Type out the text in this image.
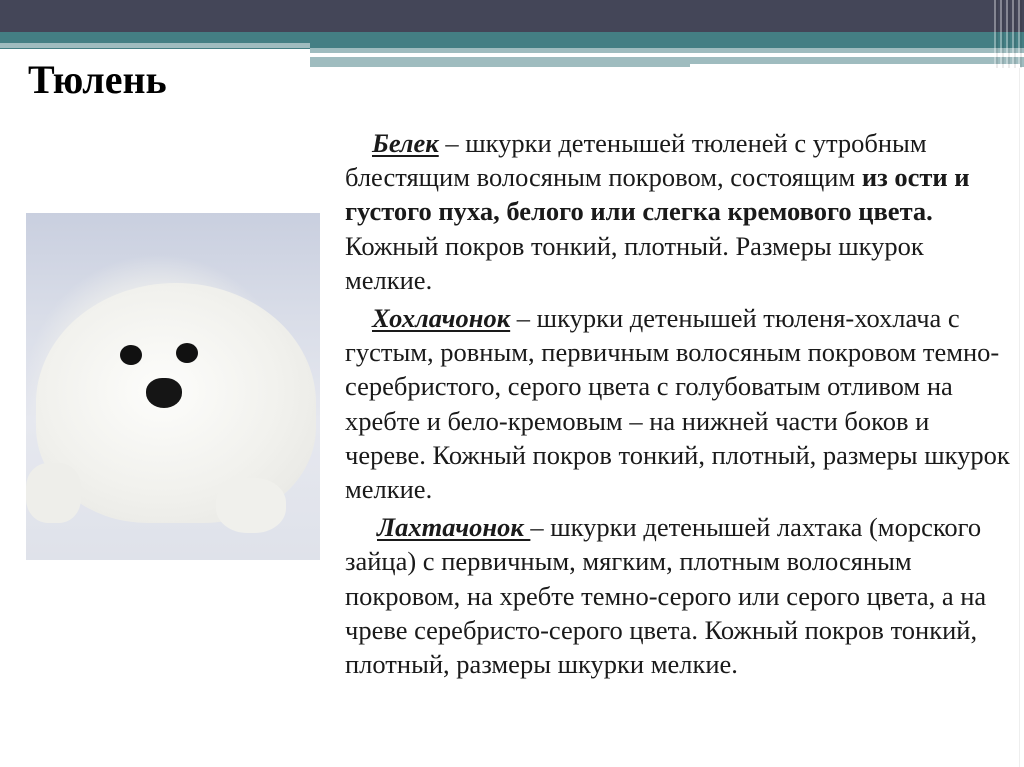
Тюлень

Белек – шкурки детенышей тюленей с утробным блестящим волосяным покровом, состоящим из ости и густого пуха, белого или слегка кремового цвета. Кожный покров тонкий, плотный. Размеры шкурок мелкие.

Хохлачонок – шкурки детенышей тюленя-хохлача с густым, ровным, первичным волосяным покровом темно-серебристого, серого цвета с голубоватым отливом на хребте и бело-кремовым – на нижней части боков и череве. Кожный покров тонкий, плотный, размеры шкурок мелкие.

Лахтачонок – шкурки детенышей лахтака (морского зайца) с первичным, мягким, плотным волосяным покровом, на хребте темно-серого или серого цвета, а на чреве серебристо-серого цвета. Кожный покров тонкий, плотный, размеры шкурки мелкие.
